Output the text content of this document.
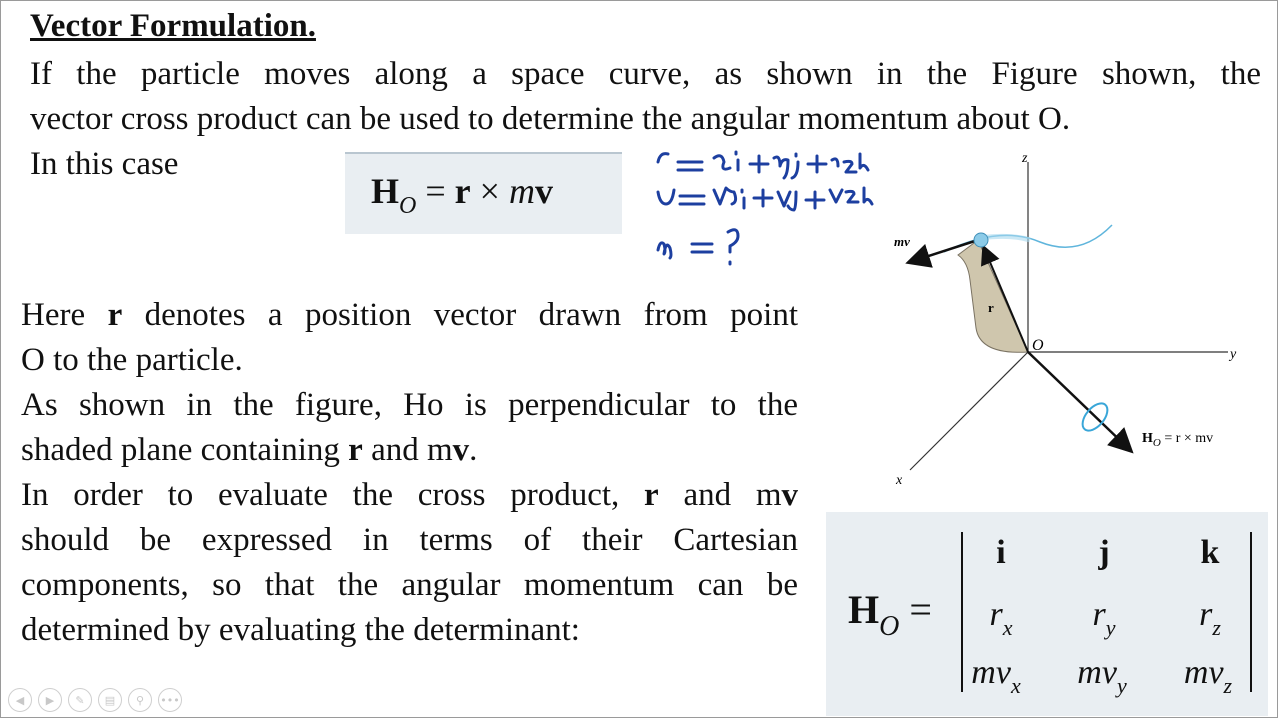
Vector Formulation.
If the particle moves along a space curve, as shown in the Figure shown, the
vector cross product can be used to determine the angular momentum about O.
In this case
$H_O = r$ × mv
z
y
x
O
r
mv
$H_O = r$ × mv
Here r denotes a position vector drawn from point
O to the particle.
As shown in the figure, Ho is perpendicular to the
shaded plane containing r and mv.
In order to evaluate the cross product, r and mv
should be expressed in terms of their Cartesian
components, so that the angular momentum can be
determined by evaluating the determinant:	$H_O$ =
i	j	k
$r_x$	$r_y$	$r_z$
$mv_x$	$mv_y$	$mv_z$
◀	▶	✎	▤	⚲	•••
